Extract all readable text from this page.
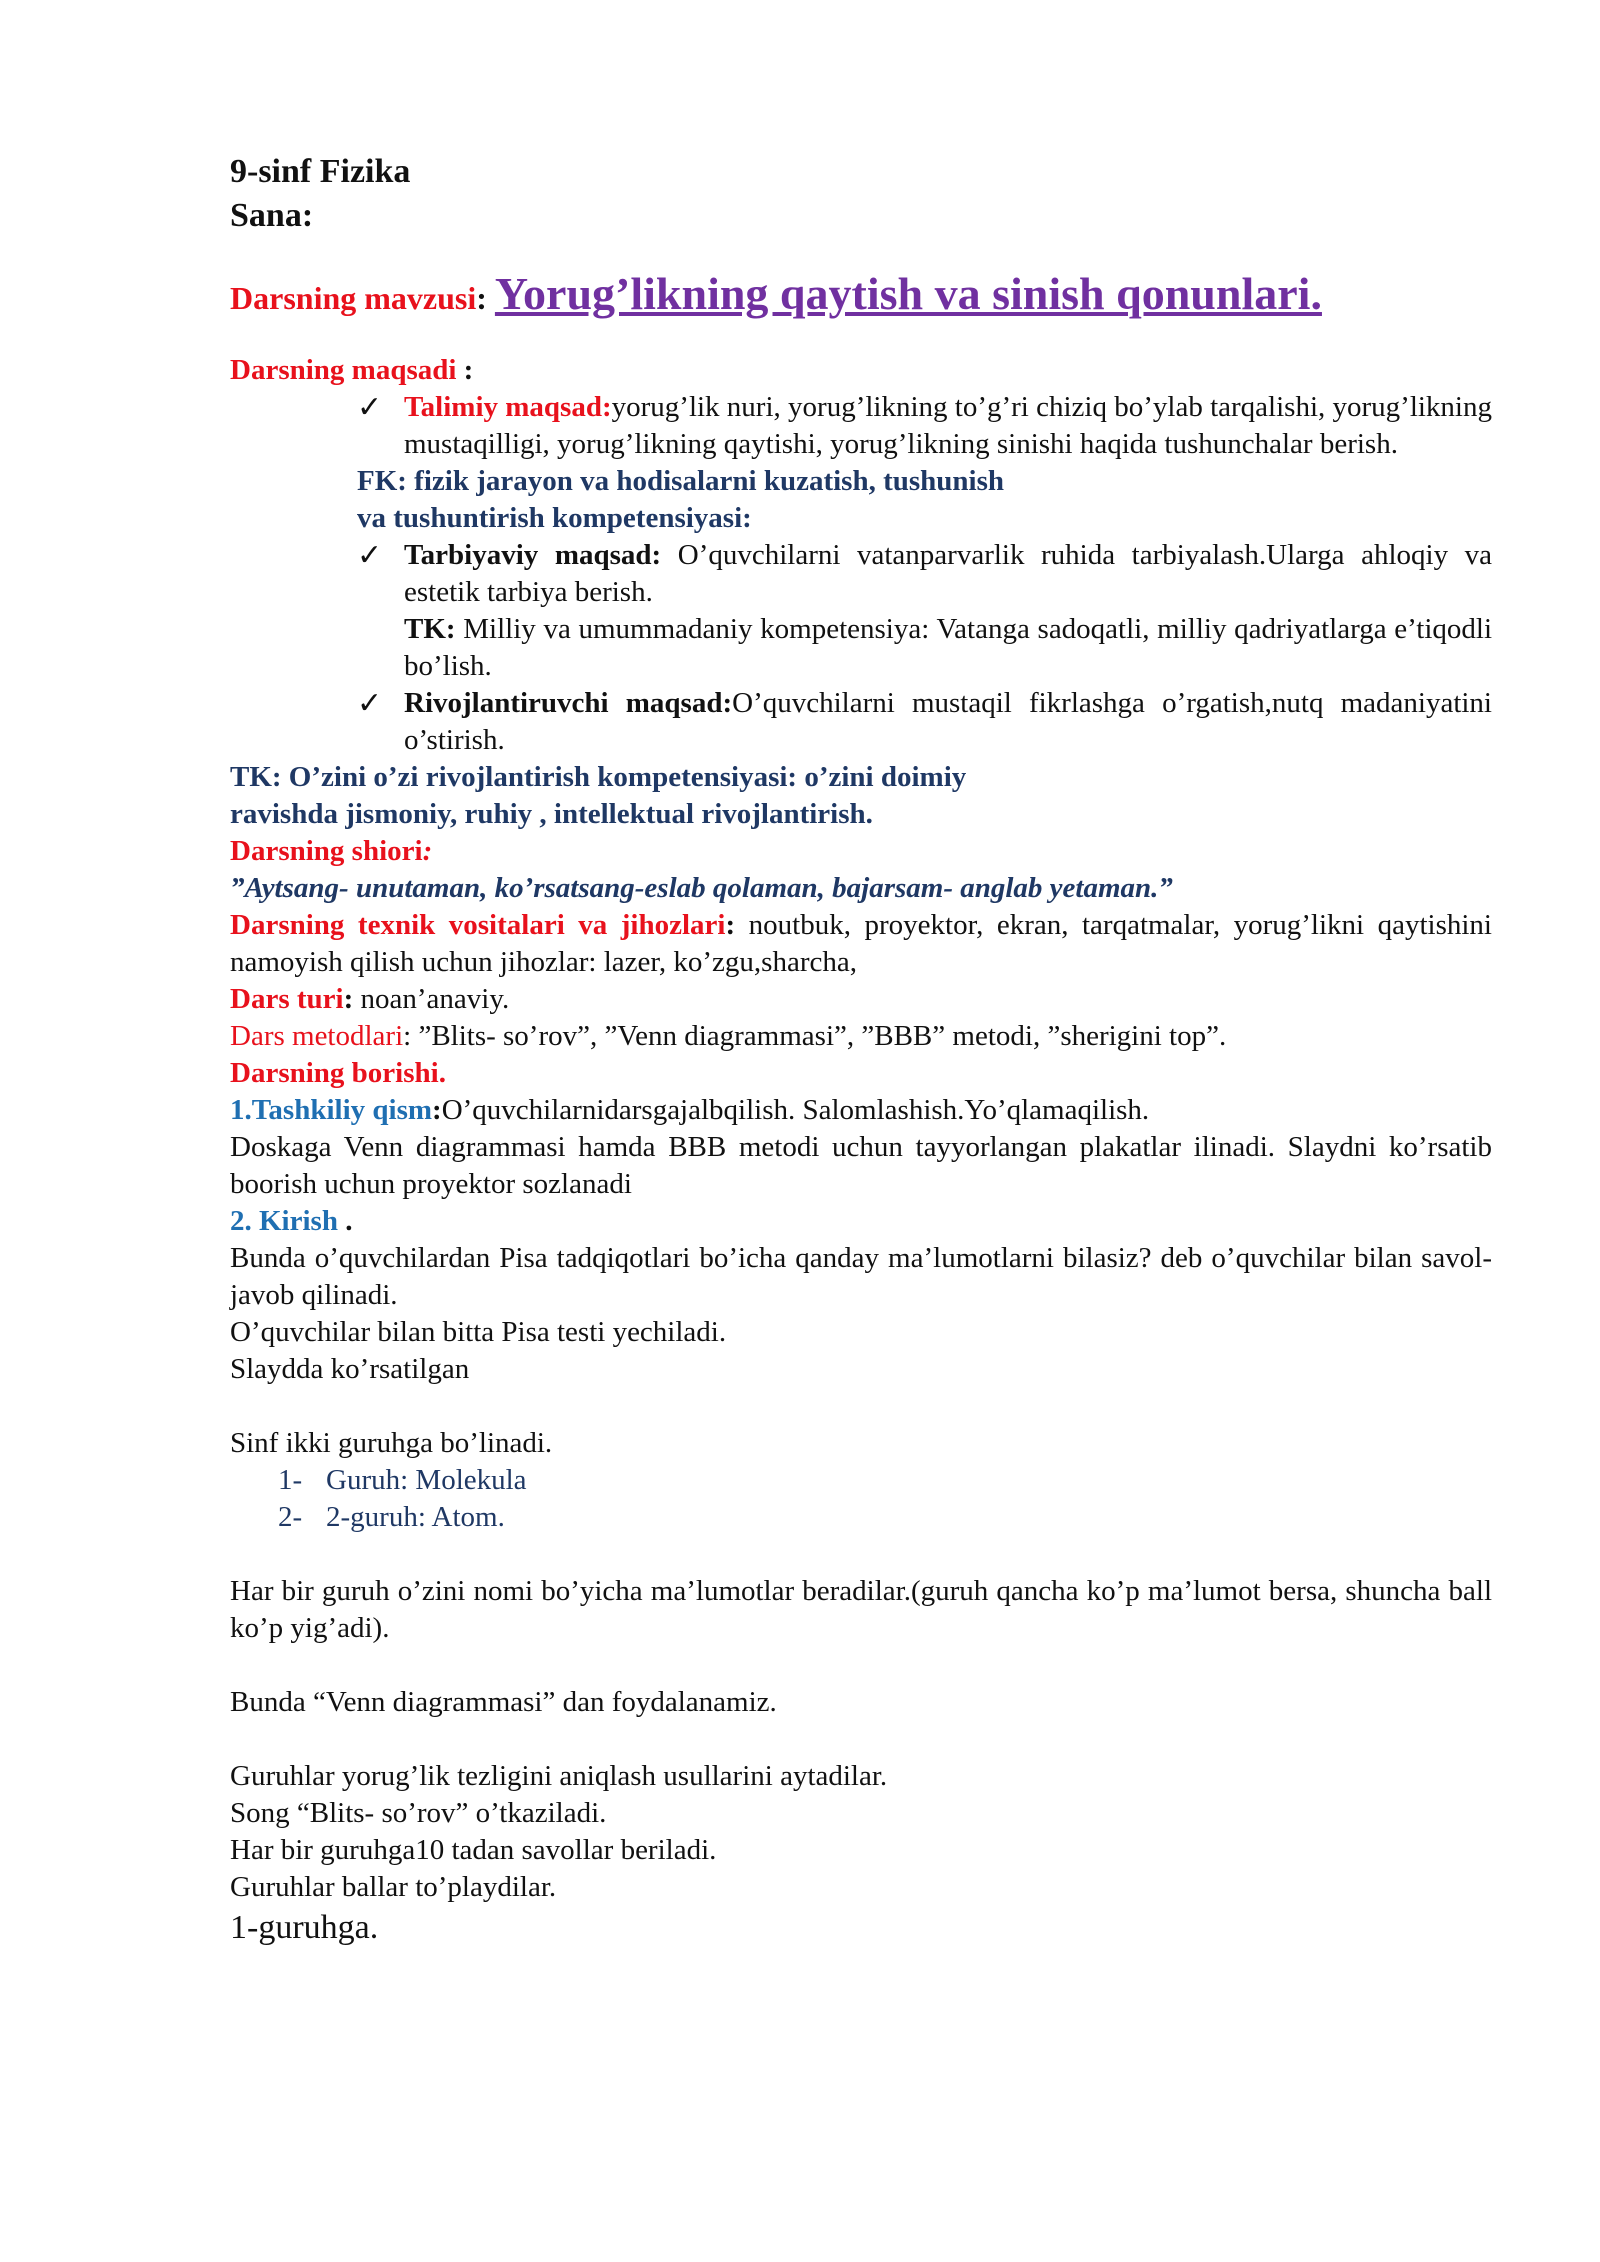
9-sinf Fizika
Sana:
Darsning mavzusi: Yorug’likning qaytish va sinish qonunlari.
Darsning maqsadi :
✓ Talimiy maqsad:yorug’lik nuri, yorug’likning to’g’ri chiziq bo’ylab tarqalishi, yorug’likning mustaqilligi, yorug’likning qaytishi, yorug’likning sinishi haqida tushunchalar berish.
FK: fizik jarayon va hodisalarni kuzatish, tushunish
va tushuntirish kompetensiyasi:
✓ Tarbiyaviy maqsad: O’quvchilarni vatanparvarlik ruhida tarbiyalash.Ularga ahloqiy va estetik tarbiya berish.
TK: Milliy va umummadaniy kompetensiya: Vatanga sadoqatli, milliy qadriyatlarga e’tiqodli bo’lish.
✓ Rivojlantiruvchi maqsad:O’quvchilarni mustaqil fikrlashga o’rgatish,nutq madaniyatini o’stirish.
TK: O’zini o’zi rivojlantirish kompetensiyasi: o’zini doimiy
ravishda jismoniy, ruhiy , intellektual rivojlantirish.
Darsning shiori:
”Aytsang- unutaman, ko’rsatsang-eslab qolaman, bajarsam- anglab yetaman.”
Darsning texnik vositalari va jihozlari: noutbuk, proyektor, ekran, tarqatmalar, yorug’likni qaytishini namoyish qilish uchun jihozlar: lazer, ko’zgu,sharcha,
Dars turi: noan’anaviy.
Dars metodlari: ”Blits- so’rov”, ”Venn diagrammasi”, ”BBB” metodi, ”sherigini top”.
Darsning borishi.
1.Tashkiliy qism:O’quvchilarnidarsgajalbqilish. Salomlashish.Yo’qlamaqilish.
Doskaga Venn diagrammasi hamda BBB metodi uchun tayyorlangan plakatlar ilinadi. Slaydni ko’rsatib boorish uchun proyektor sozlanadi
2. Kirish .
Bunda o’quvchilardan Pisa tadqiqotlari bo’icha qanday ma’lumotlarni bilasiz? deb o’quvchilar bilan savol- javob qilinadi.
O’quvchilar bilan bitta Pisa testi yechiladi.
Slaydda ko’rsatilgan
Sinf ikki guruhga bo’linadi.
1- Guruh: Molekula
2- 2-guruh: Atom.
Har bir guruh o’zini nomi bo’yicha ma’lumotlar beradilar.(guruh qancha ko’p ma’lumot bersa, shuncha ball ko’p yig’adi).
Bunda “Venn diagrammasi” dan foydalanamiz.
Guruhlar yorug’lik tezligini aniqlash usullarini aytadilar.
Song “Blits- so’rov” o’tkaziladi.
Har bir guruhga10 tadan savollar beriladi.
Guruhlar ballar to’playdilar.
1-guruhga.
